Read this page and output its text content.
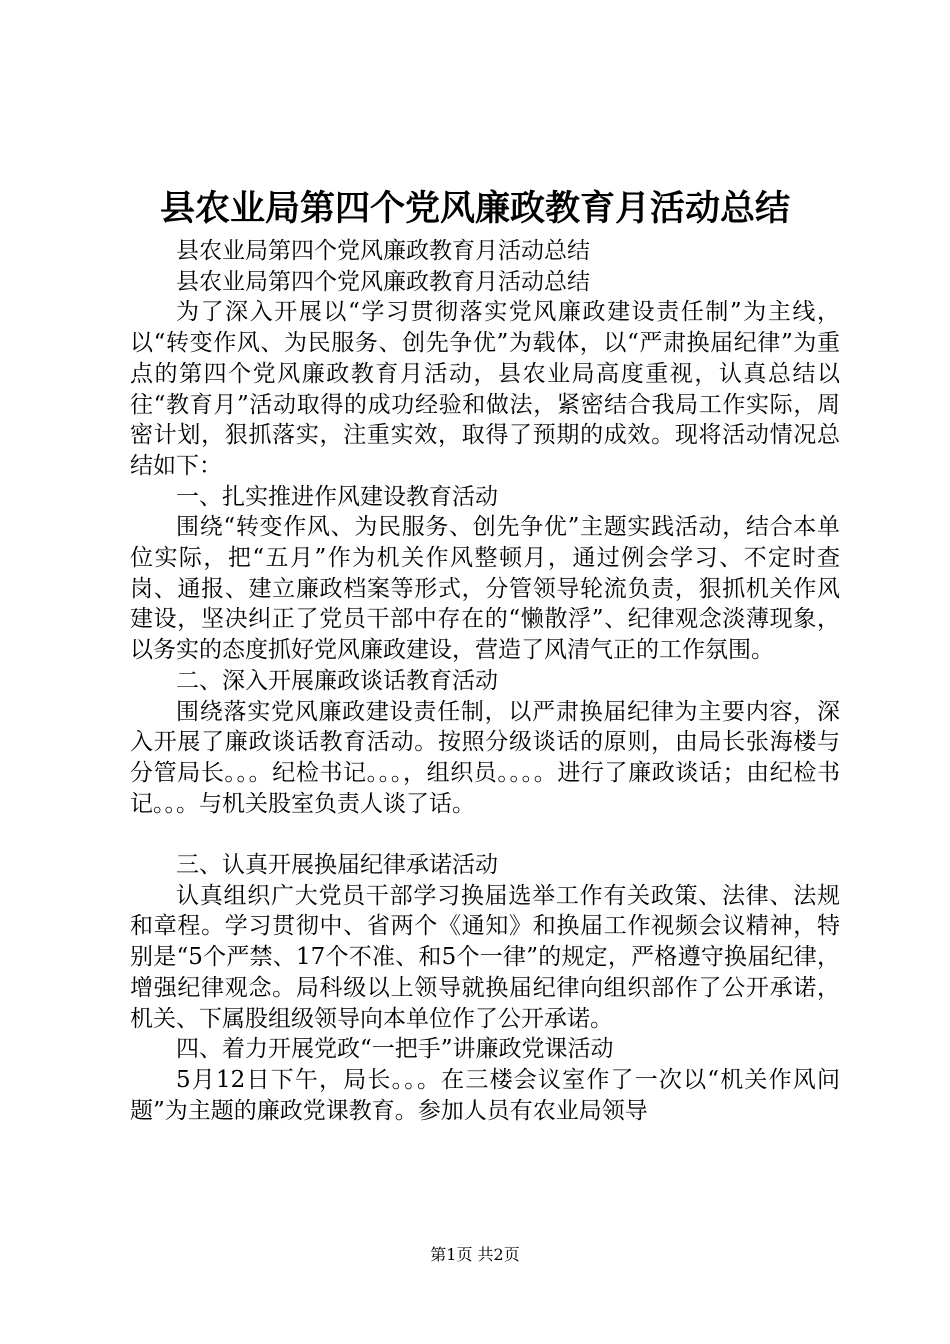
县农业局第四个党风廉政教育月活动总结

县农业局第四个党风廉政教育月活动总结

县农业局第四个党风廉政教育月活动总结

为了深入开展以“学习贯彻落实党风廉政建设责任制”为主线，以“转变作风、为民服务、创先争优”为载体，以“严肃换届纪律”为重点的第四个党风廉政教育月活动，县农业局高度重视，认真总结以往“教育月”活动取得的成功经验和做法，紧密结合我局工作实际，周密计划，狠抓落实，注重实效，取得了预期的成效。现将活动情况总结如下：

一、扎实推进作风建设教育活动

围绕“转变作风、为民服务、创先争优”主题实践活动，结合本单位实际，把“五月”作为机关作风整顿月，通过例会学习、不定时查岗、通报、建立廉政档案等形式，分管领导轮流负责，狠抓机关作风建设，坚决纠正了党员干部中存在的“懒散浮”、纪律观念淡薄现象，以务实的态度抓好党风廉政建设，营造了风清气正的工作氛围。

二、深入开展廉政谈话教育活动

围绕落实党风廉政建设责任制，以严肃换届纪律为主要内容，深入开展了廉政谈话教育活动。按照分级谈话的原则，由局长张海楼与分管局长。。。纪检书记。。。，组织员。。。。进行了廉政谈话；由纪检书记。。。与机关股室负责人谈了话。

三、认真开展换届纪律承诺活动

认真组织广大党员干部学习换届选举工作有关政策、法律、法规和章程。学习贯彻中、省两个《通知》和换届工作视频会议精神，特别是“5个严禁、17个不准、和5个一律”的规定，严格遵守换届纪律，增强纪律观念。局科级以上领导就换届纪律向组织部作了公开承诺，机关、下属股组级领导向本单位作了公开承诺。

四、着力开展党政“一把手”讲廉政党课活动

5月12日下午，局长。。。在三楼会议室作了一次以“机关作风问题”为主题的廉政党课教育。参加人员有农业局领导

第1页 共2页
